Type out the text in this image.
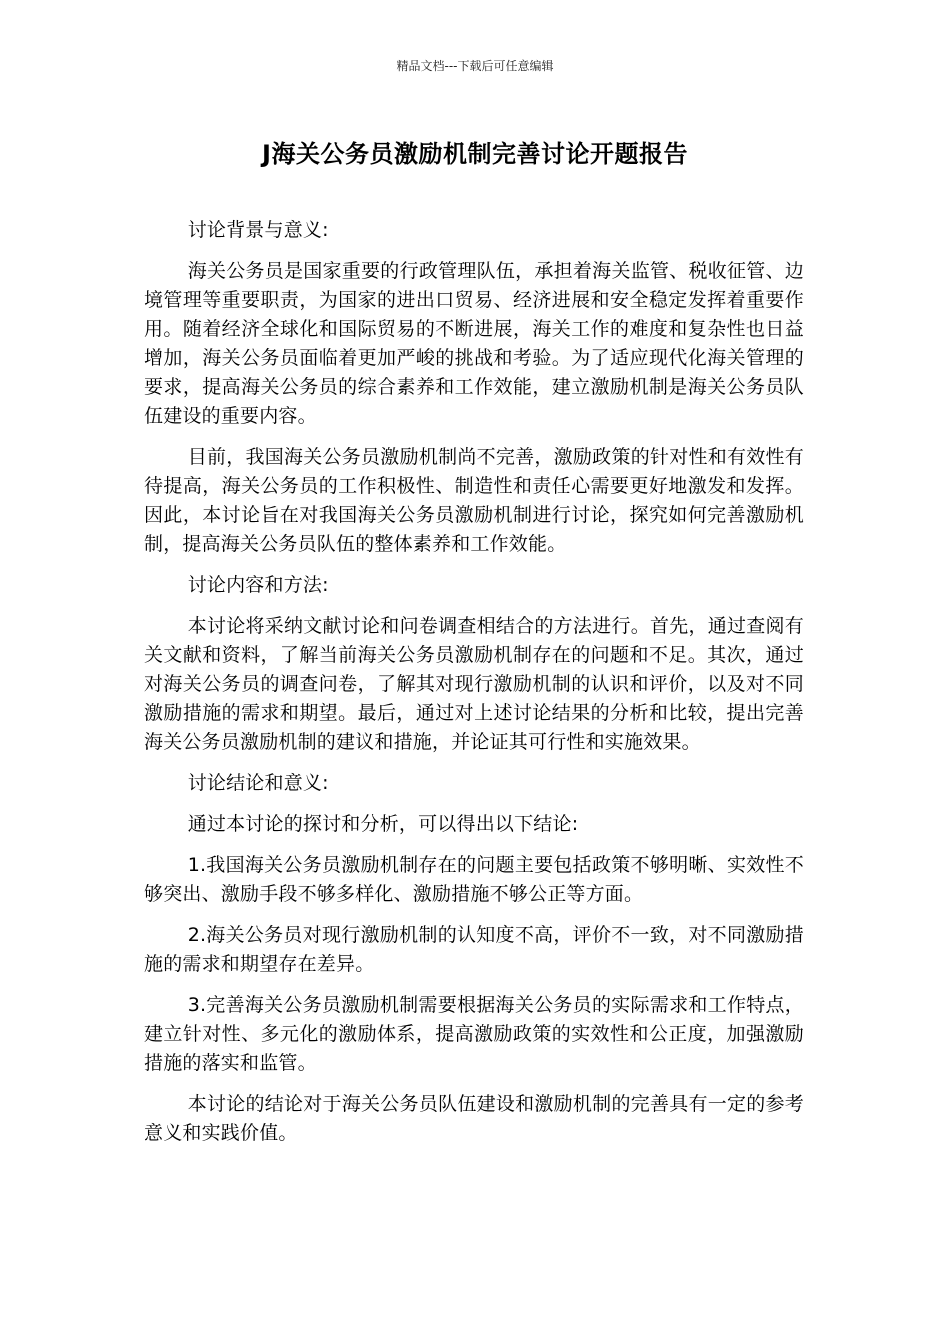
精品文档---下载后可任意编辑
J海关公务员激励机制完善讨论开题报告

讨论背景与意义:

海关公务员是国家重要的行政管理队伍，承担着海关监管、税收征管、边境管理等重要职责，为国家的进出口贸易、经济进展和安全稳定发挥着重要作用。随着经济全球化和国际贸易的不断进展，海关工作的难度和复杂性也日益增加，海关公务员面临着更加严峻的挑战和考验。为了适应现代化海关管理的要求，提高海关公务员的综合素养和工作效能，建立激励机制是海关公务员队伍建设的重要内容。

目前，我国海关公务员激励机制尚不完善，激励政策的针对性和有效性有待提高，海关公务员的工作积极性、制造性和责任心需要更好地激发和发挥。因此，本讨论旨在对我国海关公务员激励机制进行讨论，探究如何完善激励机制，提高海关公务员队伍的整体素养和工作效能。

讨论内容和方法:

本讨论将采纳文献讨论和问卷调查相结合的方法进行。首先，通过查阅有关文献和资料，了解当前海关公务员激励机制存在的问题和不足。其次，通过对海关公务员的调查问卷，了解其对现行激励机制的认识和评价，以及对不同激励措施的需求和期望。最后，通过对上述讨论结果的分析和比较，提出完善海关公务员激励机制的建议和措施，并论证其可行性和实施效果。

讨论结论和意义:

通过本讨论的探讨和分析，可以得出以下结论:

1.我国海关公务员激励机制存在的问题主要包括政策不够明晰、实效性不够突出、激励手段不够多样化、激励措施不够公正等方面。

2.海关公务员对现行激励机制的认知度不高，评价不一致，对不同激励措施的需求和期望存在差异。

3.完善海关公务员激励机制需要根据海关公务员的实际需求和工作特点，建立针对性、多元化的激励体系，提高激励政策的实效性和公正度，加强激励措施的落实和监管。

本讨论的结论对于海关公务员队伍建设和激励机制的完善具有一定的参考意义和实践价值。
